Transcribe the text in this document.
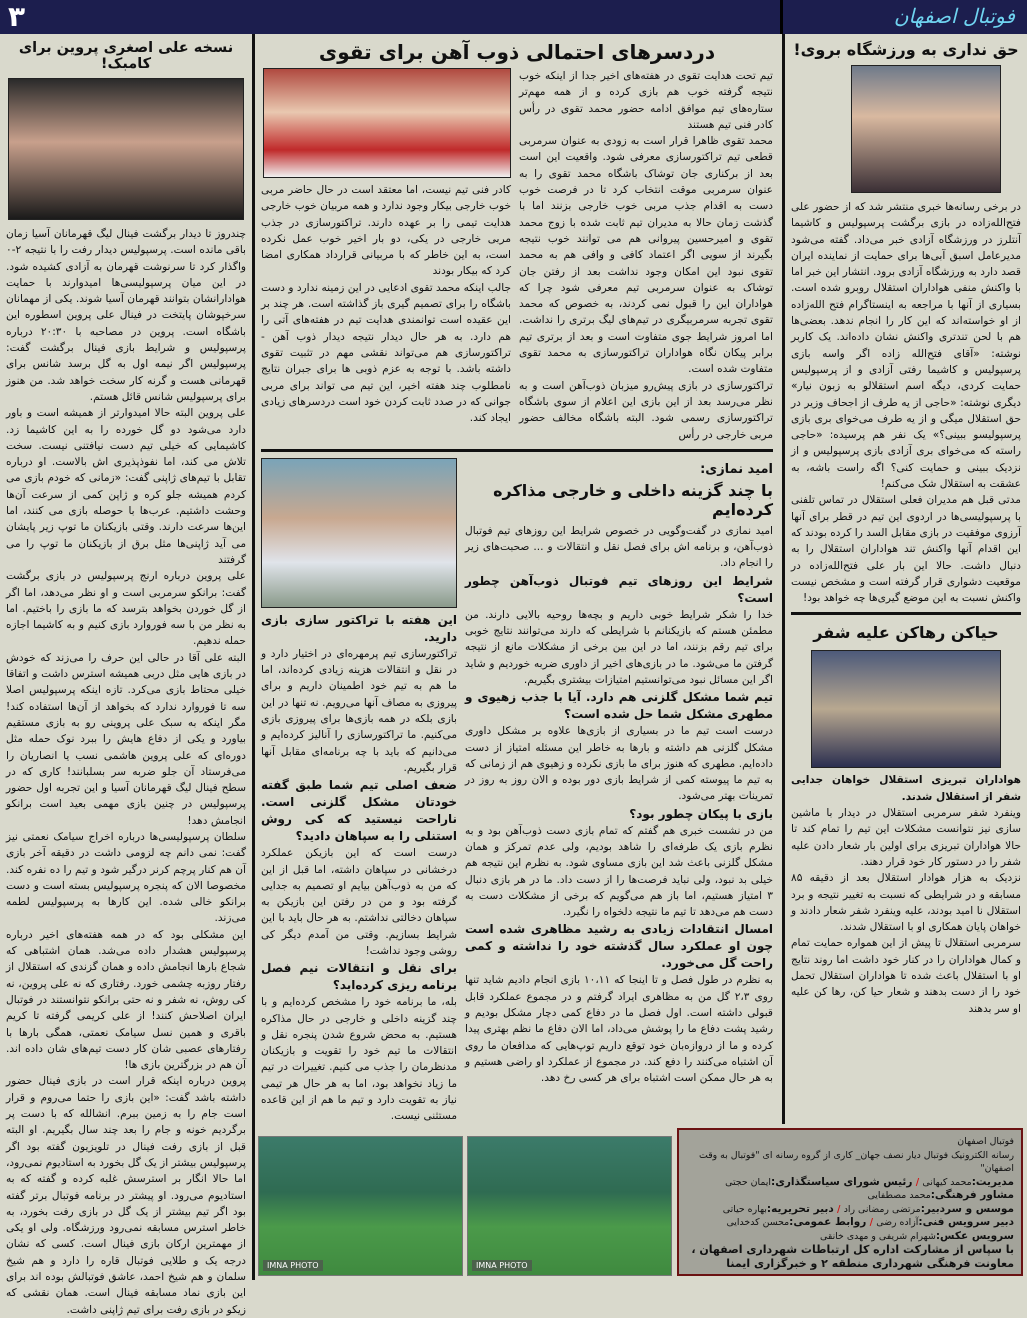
فوتبال اصفهان
۳
حق نداری به ورزشگاه بروی!

در برخی رسانه‌ها خبری منتشر شد که از حضور علی فتح‌الله‌زاده در بازی برگشت پرسپولیس و کاشیما آنتلرز در ورزشگاه آزادی خبر می‌داد. گفته می‌شود مدیرعامل اسبق آبی‌ها برای حمایت از نماینده ایران قصد دارد به ورزشگاه آزادی برود. انتشار این خبر اما با واکنش منفی هواداران استقلال روبرو شده است. بسیاری از آنها با مراجعه به اینستاگرام فتح الله‌زاده از او خواسته‌اند که این کار را انجام ندهد. بعضی‌ها هم با لحن تندتری واکنش نشان داده‌اند. یک کاربر نوشته: «آقای فتح‌الله زاده اگر واسه بازی پرسپولیس و کاشیما رفتی آزادی و از پرسپولیس حمایت کردی، دیگه اسم استقلالو به زبون نیار» دیگری نوشته: «حاجی از یه طرف از اجحاف وزیر در حق استقلال میگی و از یه طرف می‌خوای بری بازی پرسپولیسو ببینی؟» یک نفر هم پرسیده: «حاجی راسته که می‌خوای بری آزادی بازی پرسپولیس و از نزدیک ببینی و حمایت کنی؟ اگه راست باشه، به عشقت به استقلال شک می‌کنم!

مدتی قبل هم مدیران فعلی استقلال در تماس تلفنی با پرسپولیسی‌ها در اردوی این تیم در قطر برای آنها آرزوی موفقیت در بازی مقابل السد را کرده بودند که این اقدام آنها واکنش تند هواداران استقلال را به دنبال داشت. حالا این بار علی فتح‌الله‌زاده در موقعیت دشواری قرار گرفته است و مشخص نیست واکنش نسبت به این موضع گیری‌ها چه خواهد بود!

حیاکن رهاکن علیه شفر

هواداران تبریزی استقلال خواهان جدایی شفر از استقلال شدند.

وینفرد شفر سرمربی استقلال در دیدار با ماشین سازی نیز نتوانست مشکلات این تیم را تمام کند تا حالا هواداران تبریزی برای اولین بار شعار دادن علیه شفر را در دستور کار خود قرار دهند.

نزدیک به هزار هوادار استقلال بعد از دقیقه ۸۵ مسابقه و در شرایطی که نسبت به تغییر نتیجه و برد استقلال نا امید بودند، علیه وینفرد شفر شعار دادند و خواهان پایان همکاری او با استقلال شدند.

سرمربی استقلال تا پیش از این همواره حمایت تمام و کمال هواداران را در کنار خود داشت اما روند نتایج او با استقلال باعث شده تا هواداران استقلال تحمل خود را از دست بدهند و شعار حیا کن، رها کن علیه او سر بدهند

دردسرهای احتمالی ذوب آهن برای تقوی

تیم تحت هدایت تقوی در هفته‌های اخیر جدا از اینکه خوب نتیجه گرفته خوب هم بازی کرده و از همه مهم‌تر ستاره‌های تیم موافق ادامه حضور محمد تقوی در رأس کادر فنی تیم هستند

محمد تقوی ظاهرا قرار است به زودی به عنوان سرمربی قطعی تیم تراکتورسازی معرفی شود. واقعیت این است بعد از برکناری جان توشاک باشگاه محمد تقوی را به عنوان سرمربی موقت انتخاب کرد تا در فرصت خوب دست به اقدام جذب مربی خوب خارجی بزنند اما با گذشت زمان حالا به مدیران تیم ثابت شده با زوج محمد تقوی و امیرحسین پیروانی هم می توانند خوب نتیجه بگیرند از سویی اگر اعتماد کافی و وافی هم به محمد تقوی نبود این امکان وجود نداشت بعد از رفتن جان توشاک به عنوان سرمربی تیم معرفی شود چرا که هواداران این را قبول نمی کردند، به خصوص که محمد تقوی تجربه سرمربیگری در تیم‌های لیگ برتری را نداشت. اما امروز شرایط جوی متفاوت است و بعد از برتری تیم برابر پیکان نگاه هواداران تراکتورسازی به محمد تقوی متفاوت شده است.

تراکتورسازی در بازی پیش‌رو میزبان ذوب‌آهن است و به نظر می‌رسد بعد از این بازی این اعلام از سوی باشگاه تراکتورسازی رسمی شود. البته باشگاه مخالف حضور مربی خارجی در رأس

کادر فنی تیم نیست، اما معتقد است در حال حاضر مربی خوب خارجی بیکار وجود ندارد و همه مربیان خوب خارجی هدایت تیمی را بر عهده دارند. تراکتورسازی در جذب مربی خارجی در یکی، دو بار اخیر خوب عمل نکرده است، به این خاطر که با مربیانی قرارداد همکاری امضا کرد که بیکار بودند

جالب اینکه محمد تقوی ادعایی در این زمینه ندارد و دست باشگاه را برای تصمیم گیری باز گذاشته است. هر چند بر این عقیده است توانمندی هدایت تیم در هفته‌های آتی را هم دارد. به هر حال دیدار نتیجه دیدار ذوب آهن - تراکتورسازی هم می‌تواند نقشی مهم در تثبیت تقوی داشته باشد. با توجه به عزم ذوبی ها برای جبران نتایج نامطلوب چند هفته اخیر، این تیم می تواند برای مربی جوانی که در صدد ثابت کردن خود است دردسرهای زیادی ایجاد کند.

امید نمازی:
با چند گزینه داخلی و خارجی مذاکره کرده‌ایم

امید نمازی در گفت‌وگویی در خصوص شرایط این روزهای تیم فوتبال ذوب‌آهن، و برنامه اش برای فصل نقل و انتقالات و ... صحبت‌های زیر را انجام داد.

شرایط این روزهای تیم فوتبال ذوب‌آهن چطور است؟

خدا را شکر شرایط خوبی داریم و بچه‌ها روحیه بالایی دارند. من مطمئن هستم که بازیکنانم با شرایطی که دارند می‌توانند نتایج خوبی برای تیم رقم بزنند، اما در این بین برخی از مشکلات مانع از نتیجه گرفتن ما می‌شود. ما در بازی‌های اخیر از داوری ضربه خوردیم و شاید اگر این مسائل نبود می‌توانستیم امتیازات بیشتری بگیریم.

تیم شما مشکل گلزنی هم دارد. آیا با جذب زهیوی و مطهری مشکل شما حل شده است؟

درست است تیم ما در بسیاری از بازی‌ها علاوه بر مشکل داوری مشکل گلزنی هم داشته و بارها به خاطر این مسئله امتیاز از دست داده‌ایم. مطهری که هنوز برای ما بازی نکرده و زهیوی هم از زمانی که به تیم ما پیوسته کمی از شرایط بازی دور بوده و الان روز به روز در تمرینات بهتر می‌شود.

بازی با پیکان چطور بود؟

من در نشست خبری هم گفتم که تمام بازی دست ذوب‌آهن بود و به نظرم بازی یک طرفه‌ای را شاهد بودیم، ولی عدم تمرکز و همان مشکل گلزنی باعث شد این بازی مساوی شود. به نظرم این نتیجه هم خیلی بد نبود، ولی نباید فرصت‌ها را از دست داد. ما در هر بازی دنبال ۳ امتیاز هستیم، اما باز هم می‌گویم که برخی از مشکلات دست به دست هم می‌دهد تا تیم ما نتیجه دلخواه را نگیرد.

امسال انتقادات زیادی به رشید مظاهری شده است چون او عملکرد سال گذشته خود را نداشته و کمی راحت گل می‌خورد.

به نظرم در طول فصل و تا اینجا که ۱۰،۱۱ بازی انجام دادیم شاید تنها روی ۲،۳ گل من به مظاهری ایراد گرفتم و در مجموع عملکرد قابل قبولی داشته است. اول فصل ما در دفاع کمی دچار مشکل بودیم و رشید پشت دفاع ما را پوشش می‌داد، اما الان دفاع ما نظم بهتری پیدا کرده و ما از دروازه‌بان خود توقع داریم توپ‌هایی که مدافعان ما روی آن اشتباه می‌کنند را دفع کند. در مجموع از عملکرد او راضی هستیم و به هر حال ممکن است اشتباه برای هر کسی رخ دهد.

این هفته با تراکتور سازی بازی دارید.

تراکتورسازی تیم پرمهره‌ای در اختیار دارد و در نقل و انتقالات هزینه زیادی کرده‌اند، اما ما هم به تیم خود اطمینان داریم و برای پیروزی به مصاف آنها می‌رویم. نه تنها در این بازی بلکه در همه بازی‌ها برای پیروزی بازی می‌کنیم. ما تراکتورسازی را آنالیز کرده‌ایم و می‌دانیم که باید با چه برنامه‌ای مقابل آنها قرار بگیریم.

ضعف اصلی تیم شما طبق گفته خودتان مشکل گلزنی است. ناراحت نیستید که کی روش استنلی را به سپاهان دادید؟

درست است که این بازیکن عملکرد درخشانی در سپاهان داشته، اما قبل از این که من به ذوب‌آهن بیایم او تصمیم به جدایی گرفته بود و من در رفتن این بازیکن به سپاهان دخالتی نداشتم. به هر حال باید با این شرایط بسازیم. وقتی من آمدم دیگر کی روشی وجود نداشت!

برای نقل و انتقالات نیم فصل برنامه ریزی کرده‌اید؟

بله، ما برنامه خود را مشخص کرده‌ایم و با چند گزینه داخلی و خارجی در حال مذاکره هستیم. به محض شروع شدن پنجره نقل و انتقالات ما تیم خود را تقویت و بازیکنان مدنظرمان را جذب می کنیم. تغییرات در تیم ما زیاد نخواهد بود، اما به هر حال هر تیمی نیاز به تقویت دارد و تیم ما هم از این قاعده مستثنی نیست.

نسخه علی اصغری پروین برای کامبک!

چندروز تا دیدار برگشت فینال لیگ قهرمانان آسیا زمان باقی مانده است. پرسپولیس دیدار رفت را با نتیجه ۲-۰ واگذار کرد تا سرنوشت قهرمان به آزادی کشیده شود. در این میان پرسپولیسی‌ها امیدوارند با حمایت هوادارانشان بتوانند قهرمان آسیا شوند. یکی از مهمانان سرخپوشان پایتخت در فینال علی پروین اسطوره این باشگاه است. پروین در مصاحبه با ۲۰:۳۰ درباره پرسپولیس و شرایط بازی فینال برگشت گفت: پرسپولیس اگر نیمه اول به گل برسد شانس برای قهرمانی هست و گرنه کار سخت خواهد شد. من هنوز برای پرسپولیس شانس قائل هستم.

علی پروین البته حالا امیدوارتر از همیشه است و باور دارد می‌شود دو گل خورده را به این کاشیما زد. کاشیمایی که خیلی تیم دست نیافتنی نیست. سخت تلاش می کند، اما نفوذپذیری اش بالاست. او درباره تقابل با تیم‌های ژاپنی گفت: «زمانی که خودم بازی می کردم همیشه جلو کره و ژاپن کمی از سرعت آن‌ها وحشت داشتیم. عرب‌ها با حوصله بازی می کنند، اما این‌ها سرعت دارند. وقتی بازیکنان ما توپ زیر پایشان می آید ژاپنی‌ها مثل برق از بازیکنان ما توپ را می گرفتند

علی پروین درباره ارنج پرسپولیس در بازی برگشت گفت: برانکو سرمربی است و او نظر می‌دهد، اما اگر از گل خوردن بخواهد بترسد که ما بازی را باختیم. اما به نظر من با سه فوروارد بازی کنیم و به کاشیما اجازه حمله ندهیم.

البته علی آقا در حالی این حرف را می‌زند که خودش در بازی هایی مثل دربی همیشه استرس داشت و اتفاقا خیلی محتاط بازی می‌کرد. تازه اینکه پرسپولیس اصلا سه تا فوروارد ندارد که بخواهد از آن‌ها استفاده کند! مگر اینکه به سبک علی پروینی رو به بازی مستقیم بیاورد و یکی از دفاع هایش را ببرد نوک حمله مثل دوره‌ای که علی پروین هاشمی نسب یا انصاریان را می‌فرستاد آن جلو ضربه سر بسلبانند! کاری که در سطح فینال لیگ قهرمانان آسیا و این تجربه اول حضور پرسپولیس در چنین بازی مهمی بعید است برانکو انجامش دهد!

سلطان پرسپولیسی‌ها درباره اخراج سیامک نعمتی نیز گفت: نمی دانم چه لزومی داشت در دقیقه آخر بازی آن هم کنار پرچم کرنر درگیر شود و تیم را ده نفره کند. مخصوصا الان که پنجره پرسپولیس بسته است و دست برانکو خالی شده. این کارها به پرسپولیس لطمه می‌زند.

این مشکلی بود که در همه هفته‌های اخیر درباره پرسپولیس هشدار داده می‌شد. همان اشتباهی که شجاع بارها انجامش داده و همان گزندی که استقلال از رفتار روزبه چشمی خورد. رفتاری که نه علی پروین، نه کی روش، نه شفر و نه حتی برانکو نتوانستند در فوتبال ایران اصلاحش کنند! از علی کریمی گرفته تا کریم باقری و همین نسل سیامک نعمتی، همگی بارها با رفتارهای عصبی شان کار دست تیم‌های شان داده اند. آن هم در بزرگترین بازی ها!

پروین درباره اینکه قرار است در بازی فینال حضور داشته باشد گفت: «این بازی را حتما می‌روم و قرار است جام را به زمین ببرم. انشالله که با دست پر برگردیم خونه و جام را بعد چند سال بگیریم. او البته قبل از بازی رفت فینال در تلویزیون گفته بود اگر پرسپولیس بیشتر از یک گل بخورد به استادیوم نمی‌رود، اما حالا انگار بر استرسش غلبه کرده و گفته که به استادیوم می‌رود. او پیشتر در برنامه فوتبال برتر گفته بود اگر تیم بیشتر از یک گل در بازی رفت بخورد، به خاطر استرس مسابقه نمی‌رود ورزشگاه. ولی او یکی از مهمترین ارکان بازی فینال است. کسی که نشان درجه یک و طلایی فوتبال قاره را دارد و هم شیخ سلمان و هم شیخ احمد، عاشق فوتبالش بوده اند برای این بازی نماد مسابقه فینال است. همان نقشی که زیکو در بازی رفت برای تیم ژاپنی داشت.

IMNA PHOTO	IMNA PHOTO
فوتبال اصفهان
رسانه الکترونیک فوتبال دیار نصف جهان_ کاری از گروه رسانه ای "فوتبال به وقت اصفهان"
مدیریت:محمد کیهانی / رئیس شورای سیاستگذاری:ایمان حجتی
مشاور فرهنگی:محمد مصطفایی
موسس و سردبیر:مرتضی رمضانی راد / دبیر تحریریه:بهاره حیاتی
دبیر سرویس فنی:آزاده رضی / روابط عمومی:محسن کدخدایی
سرویس عکس:شهرام شریفی و مهدی خانقی
با سپاس از مشارکت اداره کل ارتباطات شهرداری اصفهان ، معاونت فرهنگی شهرداری منطقه ۲ و خبرگزاری ایمنا
